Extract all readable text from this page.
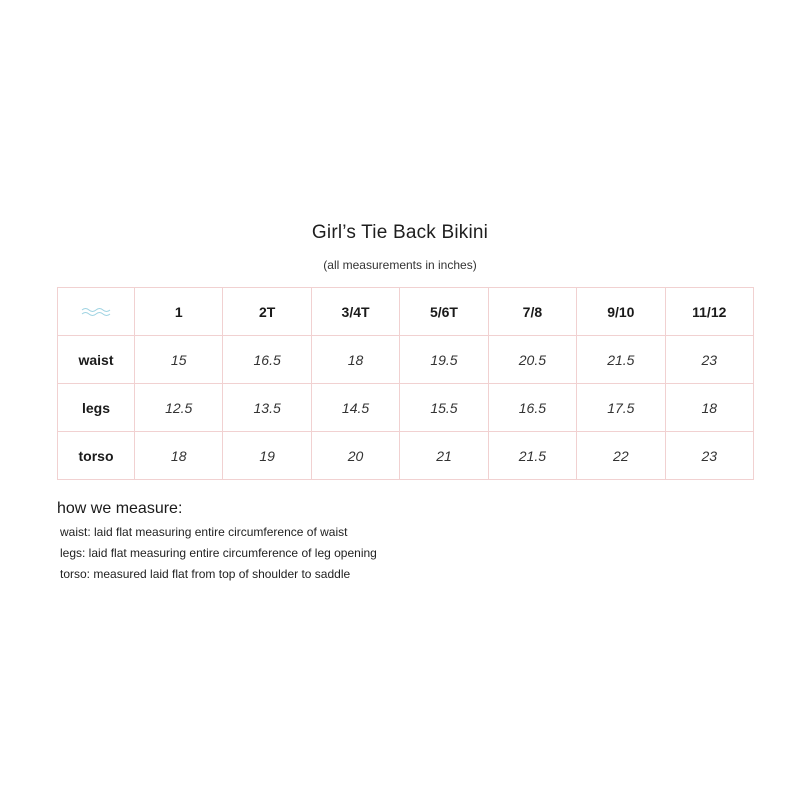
Girl’s Tie Back Bikini
(all measurements in inches)
	1	2T	3/4T	5/6T	7/8	9/10	11/12
waist	15	16.5	18	19.5	20.5	21.5	23
legs	12.5	13.5	14.5	15.5	16.5	17.5	18
torso	18	19	20	21	21.5	22	23
how we measure:
waist: laid flat measuring entire circumference of waist
legs: laid flat measuring entire circumference of leg opening
torso: measured laid flat from top of shoulder to saddle
